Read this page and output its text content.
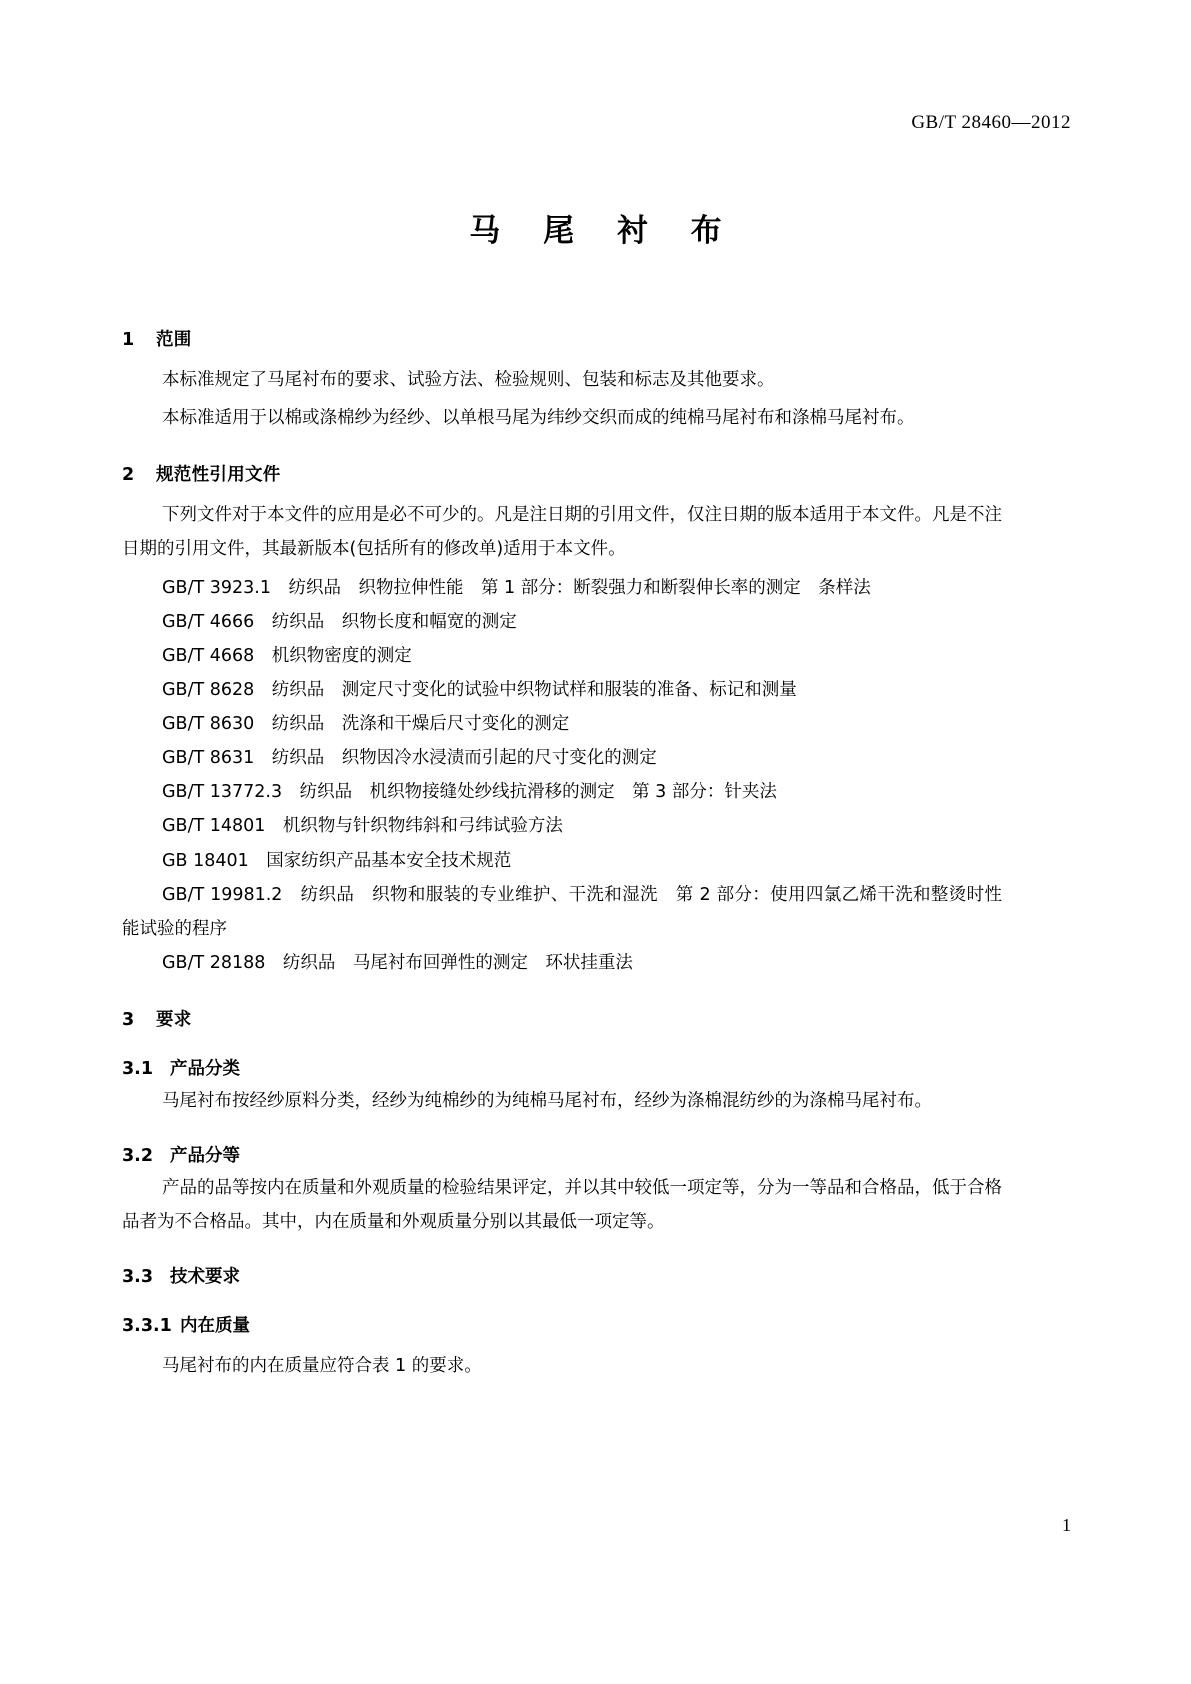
GB/T 28460—2012
马 尾 衬 布
1 范围

本标准规定了马尾衬布的要求、试验方法、检验规则、包装和标志及其他要求。

本标准适用于以棉或涤棉纱为经纱、以单根马尾为纬纱交织而成的纯棉马尾衬布和涤棉马尾衬布。

2 规范性引用文件

下列文件对于本文件的应用是必不可少的。凡是注日期的引用文件，仅注日期的版本适用于本文件。凡是不注日期的引用文件，其最新版本(包括所有的修改单)适用于本文件。

GB/T 3923.1　纺织品　织物拉伸性能　第 1 部分：断裂强力和断裂伸长率的测定　条样法
GB/T 4666　纺织品　织物长度和幅宽的测定
GB/T 4668　机织物密度的测定
GB/T 8628　纺织品　测定尺寸变化的试验中织物试样和服装的准备、标记和测量
GB/T 8630　纺织品　洗涤和干燥后尺寸变化的测定
GB/T 8631　纺织品　织物因冷水浸渍而引起的尺寸变化的测定
GB/T 13772.3　纺织品　机织物接缝处纱线抗滑移的测定　第 3 部分：针夹法
GB/T 14801　机织物与针织物纬斜和弓纬试验方法
GB 18401　国家纺织产品基本安全技术规范
GB/T 19981.2　纺织品　织物和服装的专业维护、干洗和湿洗　第 2 部分：使用四氯乙烯干洗和整烫时性能试验的程序
GB/T 28188　纺织品　马尾衬布回弹性的测定　环状挂重法
3 要求
3.1 产品分类

马尾衬布按经纱原料分类，经纱为纯棉纱的为纯棉马尾衬布，经纱为涤棉混纺纱的为涤棉马尾衬布。

3.2 产品分等

产品的品等按内在质量和外观质量的检验结果评定，并以其中较低一项定等，分为一等品和合格品，低于合格品者为不合格品。其中，内在质量和外观质量分别以其最低一项定等。

3.3 技术要求
3.3.1 内在质量

马尾衬布的内在质量应符合表 1 的要求。

1
